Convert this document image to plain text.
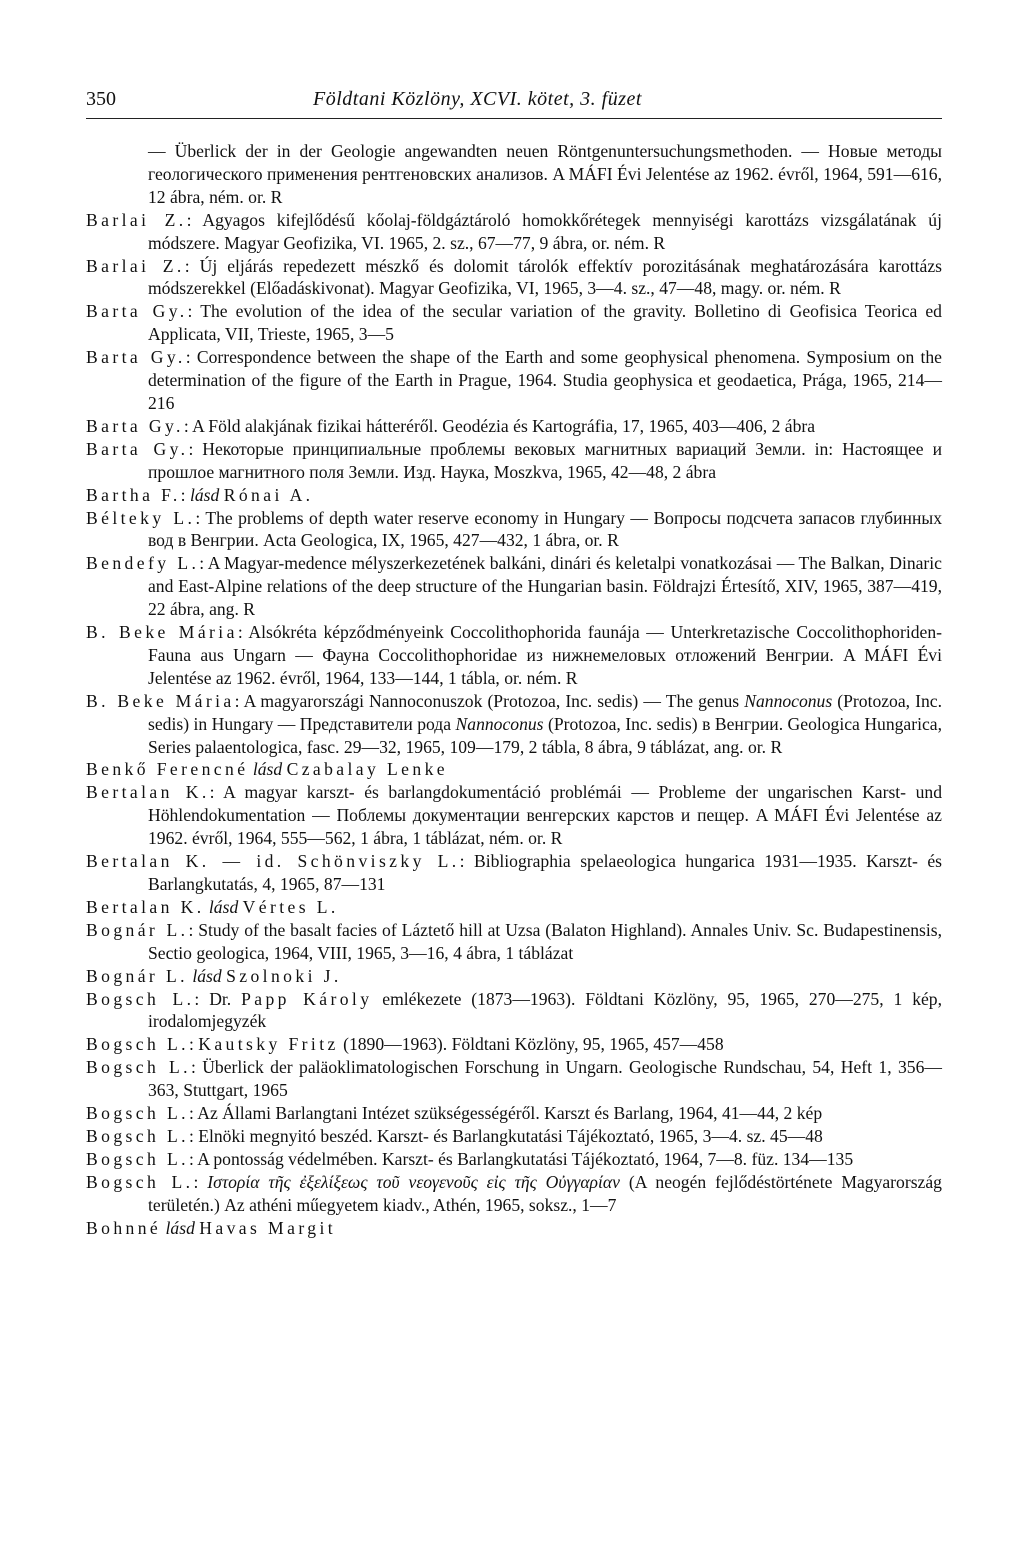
350	Földtani Közlöny, XCVI. kötet, 3. füzet

— Überlick der in der Geologie angewandten neuen Röntgenuntersuchungsmethoden. — Новые методы геологического применения рентгеновских анализов. A MÁFI Évi Jelentése az 1962. évről, 1964, 591—616, 12 ábra, ném. or. R

Barlai Z.: Agyagos kifejlődésű kőolaj-földgáztároló homokkőrétegek mennyiségi karottázs vizsgálatának új módszere. Magyar Geofizika, VI. 1965, 2. sz., 67—77, 9 ábra, or. ném. R

Barlai Z.: Új eljárás repedezett mészkő és dolomit tárolók effektív porozitásának meghatározására karottázs módszerekkel (Előadáskivonat). Magyar Geofizika, VI, 1965, 3—4. sz., 47—48, magy. or. ném. R

Barta Gy.: The evolution of the idea of the secular variation of the gravity. Bolletino di Geofisica Teorica ed Applicata, VII, Trieste, 1965, 3—5

Barta Gy.: Correspondence between the shape of the Earth and some geophysical phenomena. Symposium on the determination of the figure of the Earth in Prague, 1964. Studia geophysica et geodaetica, Prága, 1965, 214—216

Barta Gy.: A Föld alakjának fizikai hátteréről. Geodézia és Kartográfia, 17, 1965, 403—406, 2 ábra

Barta Gy.: Некоторые принципиальные проблемы вековых магнитных вариаций Земли. in: Настоящее и прошлое магнитного поля Земли. Изд. Наука, Moszkva, 1965, 42—48, 2 ábra

Bartha F.: lásd Rónai A.

Bélteky L.: The problems of depth water reserve economy in Hungary — Вопросы подсчета запасов глубинных вод в Венгрии. Acta Geologica, IX, 1965, 427—432, 1 ábra, or. R

Bendefy L.: A Magyar-medence mélyszerkezetének balkáni, dinári és keletalpi vonatkozásai — The Balkan, Dinaric and East-Alpine relations of the deep structure of the Hungarian basin. Földrajzi Értesítő, XIV, 1965, 387—419, 22 ábra, ang. R

B. Beke Mária: Alsókréta képződményeink Coccolithophorida faunája — Unterkretazische Coccolithophoriden-Fauna aus Ungarn — Фауна Coccolithophoridae из нижнемеловых отложений Венгрии. A MÁFI Évi Jelentése az 1962. évről, 1964, 133—144, 1 tábla, or. ném. R

B. Beke Mária: A magyarországi Nannoconuszok (Protozoa, Inc. sedis) — The genus Nannoconus (Protozoa, Inc. sedis) in Hungary — Представители рода Nannoconus (Protozoa, Inc. sedis) в Венгрии. Geologica Hungarica, Series palaentologica, fasc. 29—32, 1965, 109—179, 2 tábla, 8 ábra, 9 táblázat, ang. or. R

Benkő Ferencné lásd Czabalay Lenke

Bertalan K.: A magyar karszt- és barlangdokumentáció problémái — Probleme der ungarischen Karst- und Höhlendokumentation — Поблемы документации венгерских карстов и пещер. A MÁFI Évi Jelentése az 1962. évről, 1964, 555—562, 1 ábra, 1 táblázat, ném. or. R

Bertalan K. — id. Schönviszky L.: Bibliographia spelaeologica hungarica 1931—1935. Karszt- és Barlangkutatás, 4, 1965, 87—131

Bertalan K. lásd Vértes L.

Bognár L.: Study of the basalt facies of Láztető hill at Uzsa (Balaton Highland). Annales Univ. Sc. Budapestinensis, Sectio geologica, 1964, VIII, 1965, 3—16, 4 ábra, 1 táblázat

Bognár L. lásd Szolnoki J.

Bogsch L.: Dr. Papp Károly emlékezete (1873—1963). Földtani Közlöny, 95, 1965, 270—275, 1 kép, irodalomjegyzék

Bogsch L.: Kautsky Fritz (1890—1963). Földtani Közlöny, 95, 1965, 457—458

Bogsch L.: Überlick der paläoklimatologischen Forschung in Ungarn. Geologische Rundschau, 54, Heft 1, 356—363, Stuttgart, 1965

Bogsch L.: Az Állami Barlangtani Intézet szükségességéről. Karszt és Barlang, 1964, 41—44, 2 kép

Bogsch L.: Elnöki megnyitó beszéd. Karszt- és Barlangkutatási Tájékoztató, 1965, 3—4. sz. 45—48

Bogsch L.: A pontosság védelmében. Karszt- és Barlangkutatási Tájékoztató, 1964, 7—8. füz. 134—135

Bogsch L.: Ιστορία τῆς ἐξελίξεως τοῦ νεογενοῦς εἰς τῆς Οὐγγαρίαν (A neogén fejlődéstörténete Magyarország területén.) Az athéni műegyetem kiadv., Athén, 1965, soksz., 1—7

Bohnné lásd Havas Margit
